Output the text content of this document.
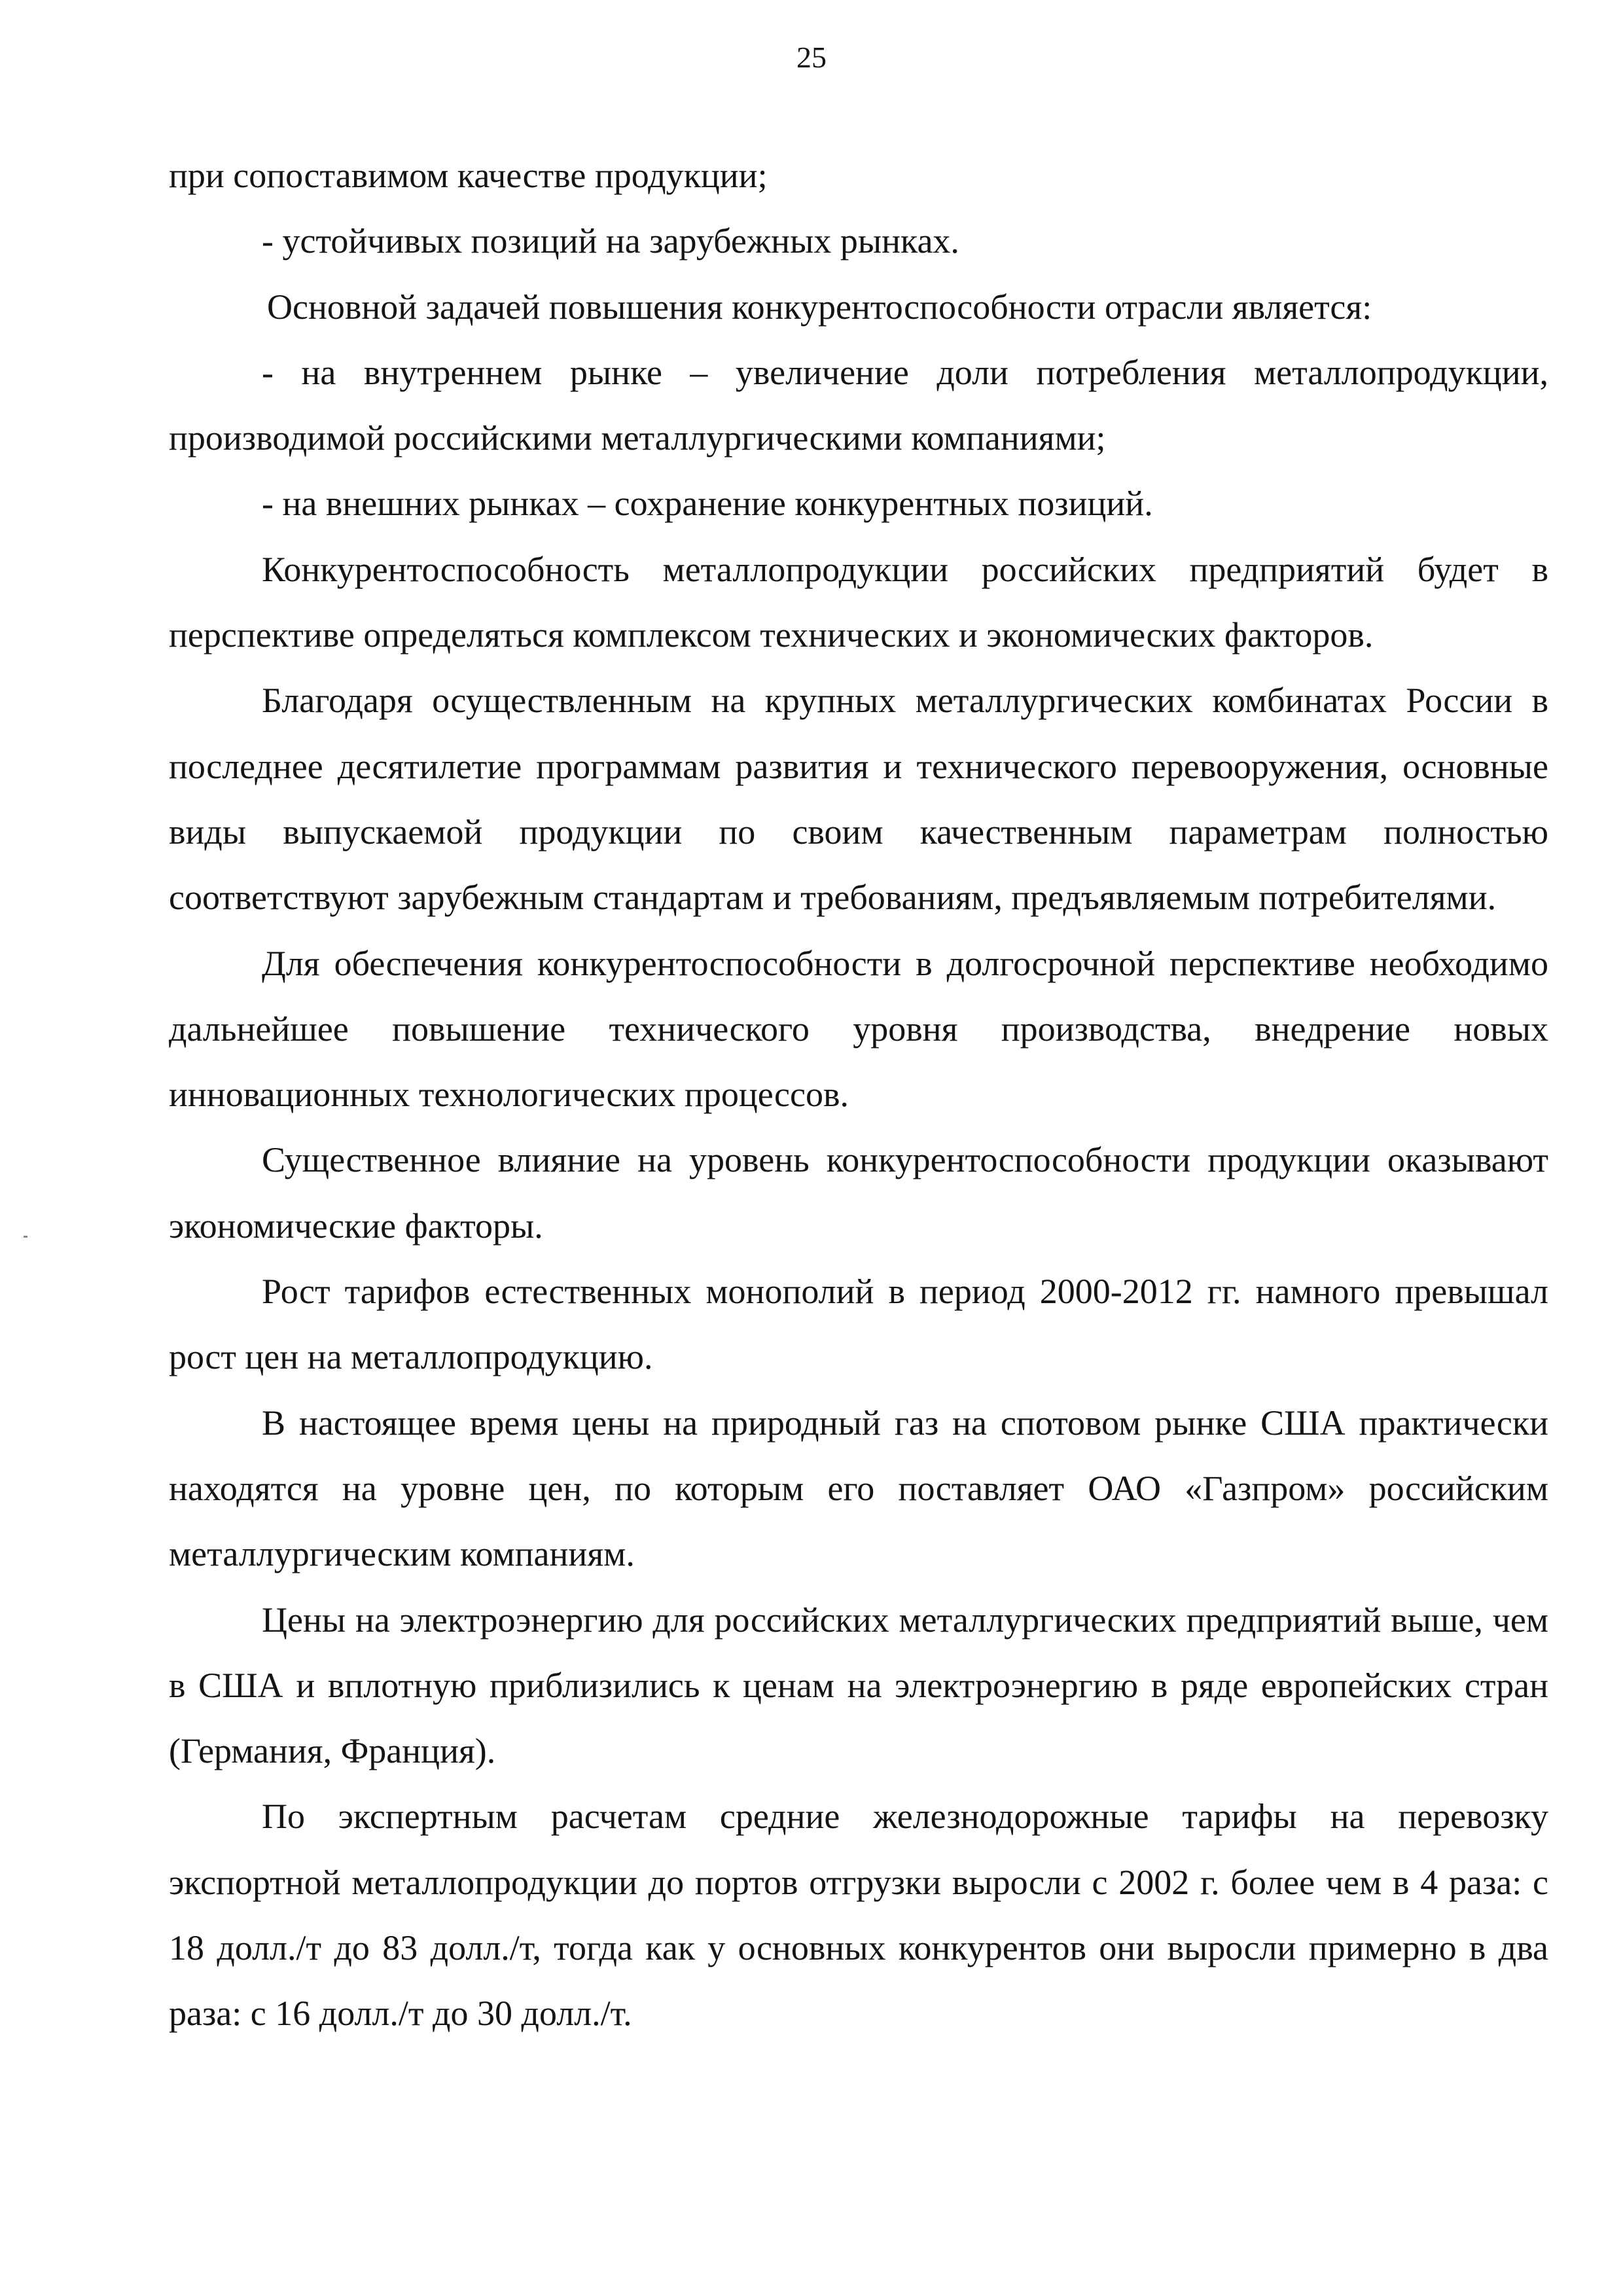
25

при сопоставимом качестве продукции;

- устойчивых позиций на зарубежных рынках.

Основной задачей повышения конкурентоспособности отрасли является:

- на внутреннем рынке – увеличение доли потребления металлопродукции, производимой российскими металлургическими компаниями;

- на внешних рынках – сохранение конкурентных позиций.

Конкурентоспособность металлопродукции российских предприятий будет в перспективе определяться комплексом технических и экономических факторов.

Благодаря осуществленным на крупных металлургических комбинатах России в последнее десятилетие программам развития и технического перевооружения, основные виды выпускаемой продукции по своим качественным параметрам полностью соответствуют зарубежным стандартам и требованиям, предъявляемым потребителями.

Для обеспечения конкурентоспособности в долгосрочной перспективе необходимо дальнейшее повышение технического уровня производства, внедрение новых инновационных технологических процессов.

Существенное влияние на уровень конкурентоспособности продукции оказывают экономические факторы.

Рост тарифов естественных монополий в период 2000-2012 гг. намного превышал рост цен на металлопродукцию.

В настоящее время цены на природный газ на спотовом рынке США практически находятся на уровне цен, по которым его поставляет ОАО «Газпром» российским металлургическим компаниям.

Цены на электроэнергию для российских металлургических предприятий выше, чем в США и вплотную приблизились к ценам на электроэнергию в ряде европейских стран (Германия, Франция).

По экспертным расчетам средние железнодорожные тарифы на перевозку экспортной металлопродукции до портов отгрузки выросли с 2002 г. более чем в 4 раза: с 18 долл./т до 83 долл./т, тогда как у основных конкурентов они выросли примерно в два раза: с 16 долл./т до 30 долл./т.
